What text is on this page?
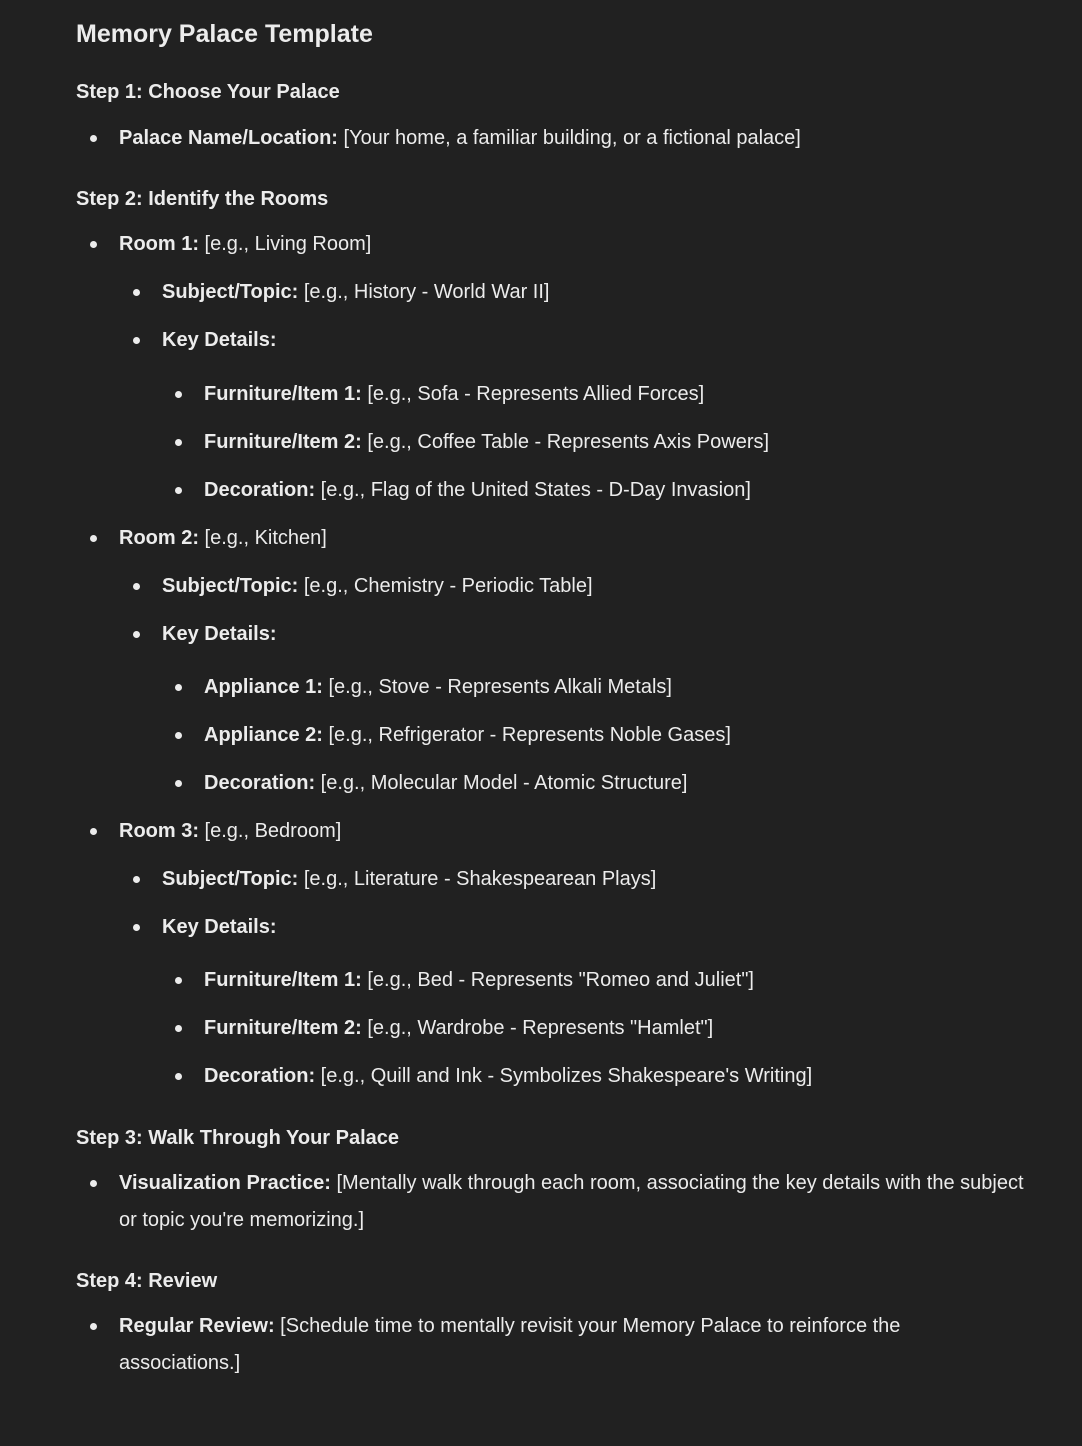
Memory Palace Template
Step 1: Choose Your Palace
Palace Name/Location: [Your home, a familiar building, or a fictional palace]
Step 2: Identify the Rooms
Room 1: [e.g., Living Room]
Subject/Topic: [e.g., History - World War II]
Key Details:
Furniture/Item 1: [e.g., Sofa - Represents Allied Forces]
Furniture/Item 2: [e.g., Coffee Table - Represents Axis Powers]
Decoration: [e.g., Flag of the United States - D-Day Invasion]
Room 2: [e.g., Kitchen]
Subject/Topic: [e.g., Chemistry - Periodic Table]
Key Details:
Appliance 1: [e.g., Stove - Represents Alkali Metals]
Appliance 2: [e.g., Refrigerator - Represents Noble Gases]
Decoration: [e.g., Molecular Model - Atomic Structure]
Room 3: [e.g., Bedroom]
Subject/Topic: [e.g., Literature - Shakespearean Plays]
Key Details:
Furniture/Item 1: [e.g., Bed - Represents "Romeo and Juliet"]
Furniture/Item 2: [e.g., Wardrobe - Represents "Hamlet"]
Decoration: [e.g., Quill and Ink - Symbolizes Shakespeare's Writing]
Step 3: Walk Through Your Palace
Visualization Practice: [Mentally walk through each room, associating the key details with the subject or topic you're memorizing.]
Step 4: Review
Regular Review: [Schedule time to mentally revisit your Memory Palace to reinforce the associations.]
